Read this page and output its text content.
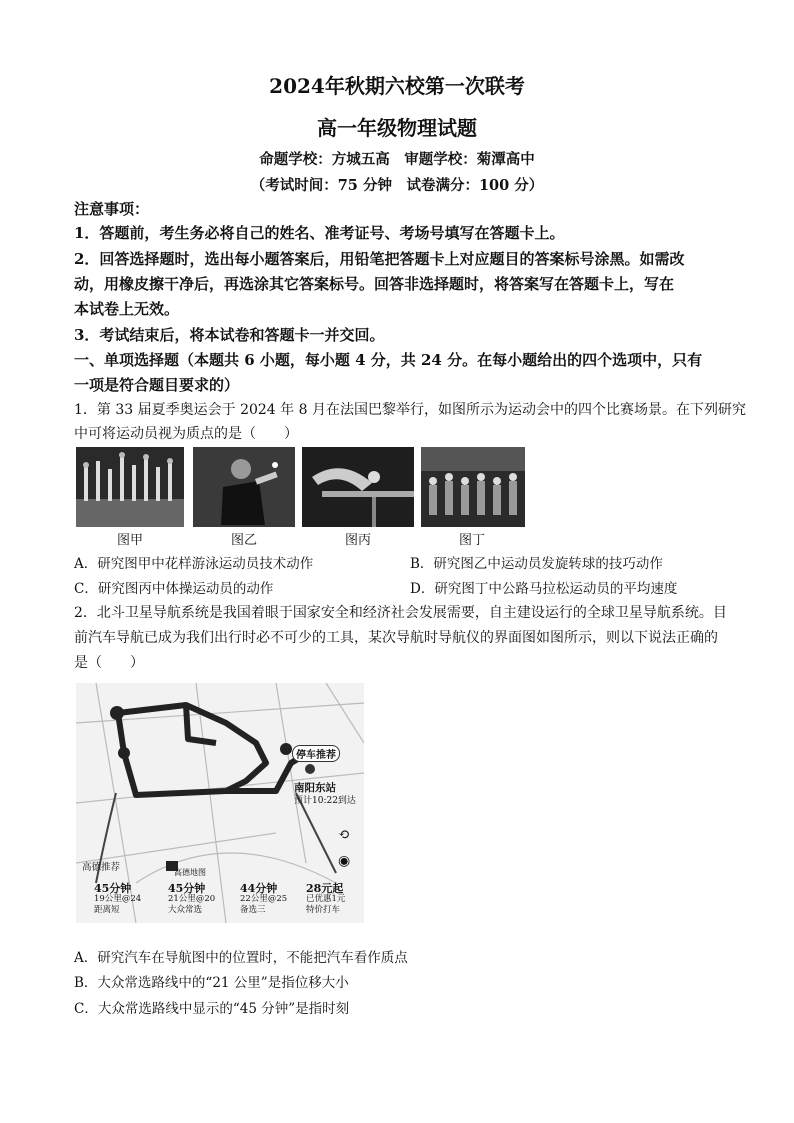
2024年秋期六校第一次联考
高一年级物理试题
命题学校：方城五高　审题学校：菊潭高中
（考试时间：75 分钟　试卷满分：100 分）
注意事项：
1．答题前，考生务必将自己的姓名、准考证号、考场号填写在答题卡上。
2．回答选择题时，选出每小题答案后，用铅笔把答题卡上对应题目的答案标号涂黑。如需改
动，用橡皮擦干净后，再选涂其它答案标号。回答非选择题时，将答案写在答题卡上，写在
本试卷上无效。
3．考试结束后，将本试卷和答题卡一并交回。
一、单项选择题（本题共 6 小题，每小题 4 分，共 24 分。在每小题给出的四个选项中，只有
一项是符合题目要求的）
1．第 33 届夏季奥运会于 2024 年 8 月在法国巴黎举行，如图所示为运动会中的四个比赛场景。在下列研究
中可将运动员视为质点的是（　　）
图甲	图乙	图丙	图丁
A．研究图甲中花样游泳运动员技术动作	B．研究图乙中运动员发旋转球的技巧动作
C．研究图丙中体操运动员的动作	D．研究图丁中公路马拉松运动员的平均速度
2．北斗卫星导航系统是我国着眼于国家安全和经济社会发展需要，自主建设运行的全球卫星导航系统。目
前汽车导航已成为我们出行时必不可少的工具，某次导航时导航仪的界面图如图所示，则以下说法正确的
是（　　）
停车推荐
南阳东站
预计10:22到达
⟲
◉
高德推荐	高德地图
45分钟
19公里@24
距离短
45分钟
21公里@20
大众常选
44分钟
22公里@25
备选三
28元起
已优惠1元
特价打车
A．研究汽车在导航图中的位置时，不能把汽车看作质点
B．大众常选路线中的“21 公里”是指位移大小
C．大众常选路线中显示的“45 分钟”是指时刻
